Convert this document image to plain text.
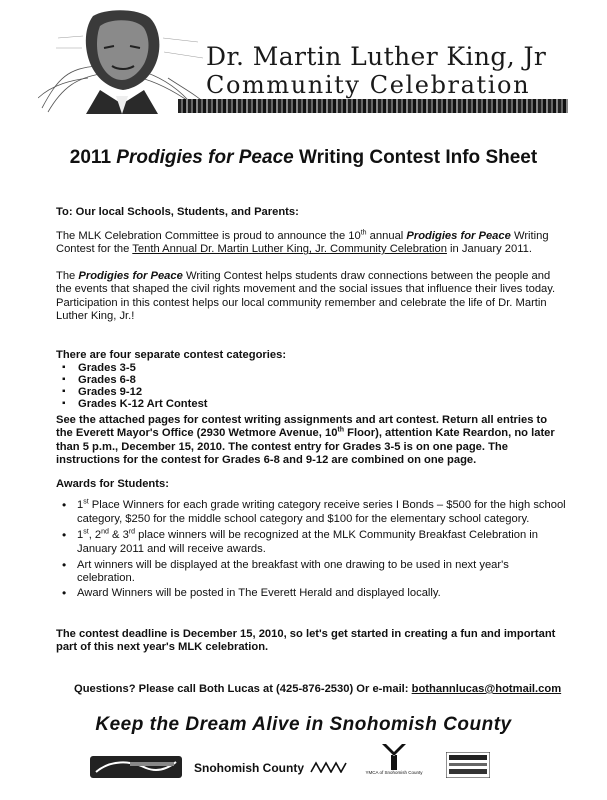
Dr. Martin Luther King, Jr
Community Celebration
2011 Prodigies for Peace Writing Contest Info Sheet
To: Our local Schools, Students, and Parents:
The MLK Celebration Committee is proud to announce the 10th annual Prodigies for Peace Writing Contest for the Tenth Annual Dr. Martin Luther King, Jr. Community Celebration in January 2011.
The Prodigies for Peace Writing Contest helps students draw connections between the people and the events that shaped the civil rights movement and the social issues that influence their lives today. Participation in this contest helps our local community remember and celebrate the life of Dr. Martin Luther King, Jr.!
There are four separate contest categories:
▪ Grades 3-5
▪ Grades 6-8
▪ Grades 9-12
▪ Grades K-12 Art Contest
See the attached pages for contest writing assignments and art contest. Return all entries to the Everett Mayor's Office (2930 Wetmore Avenue, 10th Floor), attention Kate Reardon, no later than 5 p.m., December 15, 2010. The contest entry for Grades 3-5 is on one page. The instructions for the contest for Grades 6-8 and 9-12 are combined on one page.
Awards for Students:
• 1st Place Winners for each grade writing category receive series I Bonds – $500 for the high school category, $250 for the middle school category and $100 for the elementary school category.
• 1st, 2nd & 3rd place winners will be recognized at the MLK Community Breakfast Celebration in January 2011 and will receive awards.
• Art winners will be displayed at the breakfast with one drawing to be used in next year's celebration.
• Award Winners will be posted in The Everett Herald and displayed locally.
The contest deadline is December 15, 2010, so let's get started in creating a fun and important part of this next year's MLK celebration.
Questions? Please call Both Lucas at (425-876-2530) Or e-mail: bothannlucas@hotmail.com
Keep the Dream Alive in Snohomish County
Snohomish County	YMCA of Snohomish County
